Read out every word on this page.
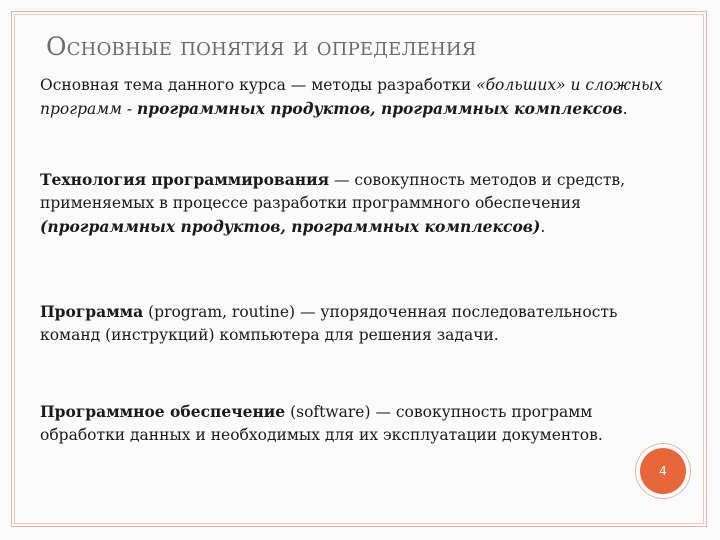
Основные понятия и определения
Основная тема данного курса — методы разработки «больших» и сложных программ - программных продуктов, программных комплексов.
Технология программирования — совокупность методов и средств, применяемых в процессе разработки программного обеспечения (программных продуктов, программных комплексов).
Программа (program, routine) — упорядоченная последовательность команд (инструкций) компьютера для решения задачи.
Программное обеспечение (software) — совокупность программ обработки данных и необходимых для их эксплуатации документов.
4
